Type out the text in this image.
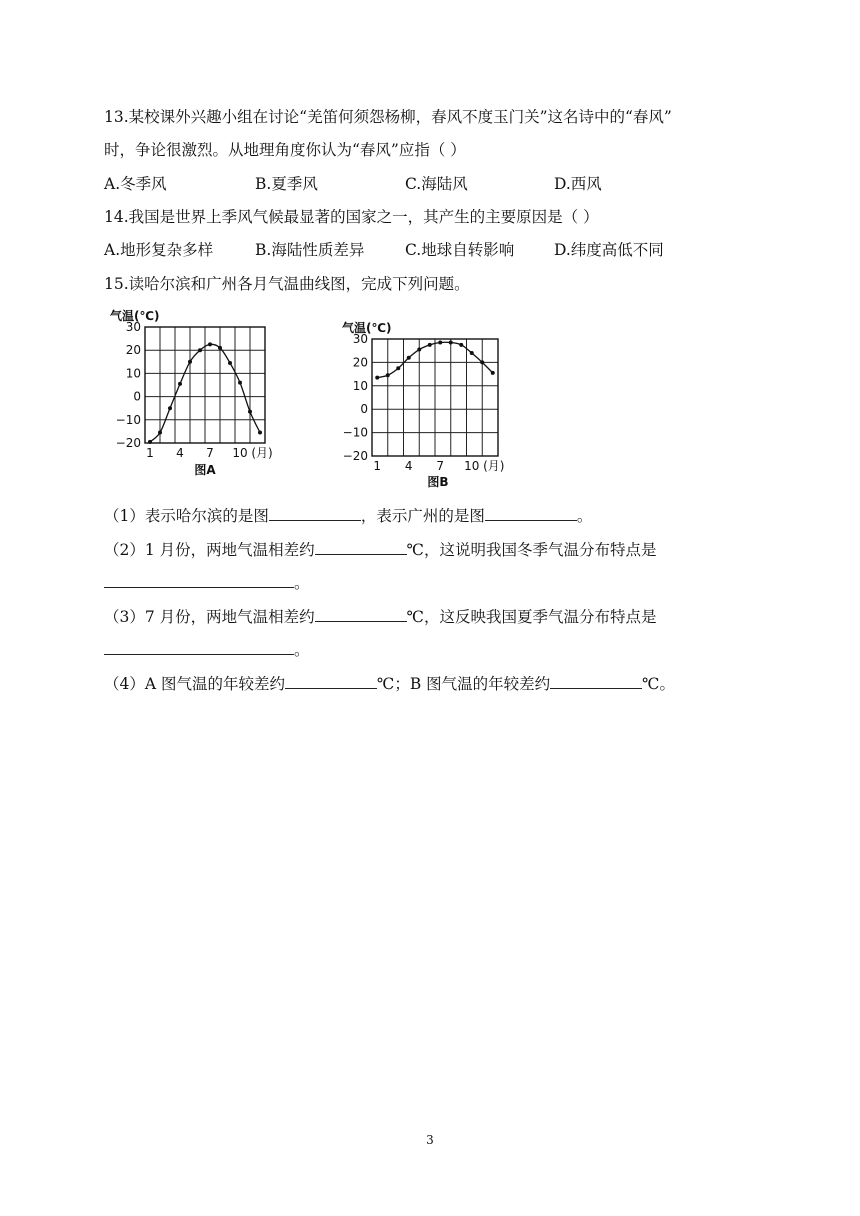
13.某校课外兴趣小组在讨论“羌笛何须怨杨柳，春风不度玉门关”这名诗中的“春风”
时，争论很激烈。从地理角度你认为“春风”应指（ ）
A.冬季风	B.夏季风	C.海陆风	D.西风
14.我国是世界上季风气候最显著的国家之一，其产生的主要原因是（ ）
A.地形复杂多样	B.海陆性质差异	C.地球自转影响	D.纬度高低不同
15.读哈尔滨和广州各月气温曲线图，完成下列问题。
30
20
10
0
−10
−20
1 4 7 10 (月)
气温(℃)
图A
30
20
10
0
−10
−20
1 4 7 10 (月)
气温(℃)
图B
（1）表示哈尔滨的是图	，表示广州的是图	。
（2）1 月份，两地气温相差约	℃，这说明我国冬季气温分布特点是
。
（3）7 月份，两地气温相差约	℃，这反映我国夏季气温分布特点是
。
（4）A 图气温的年较差约	℃；B 图气温的年较差约	℃。
3
